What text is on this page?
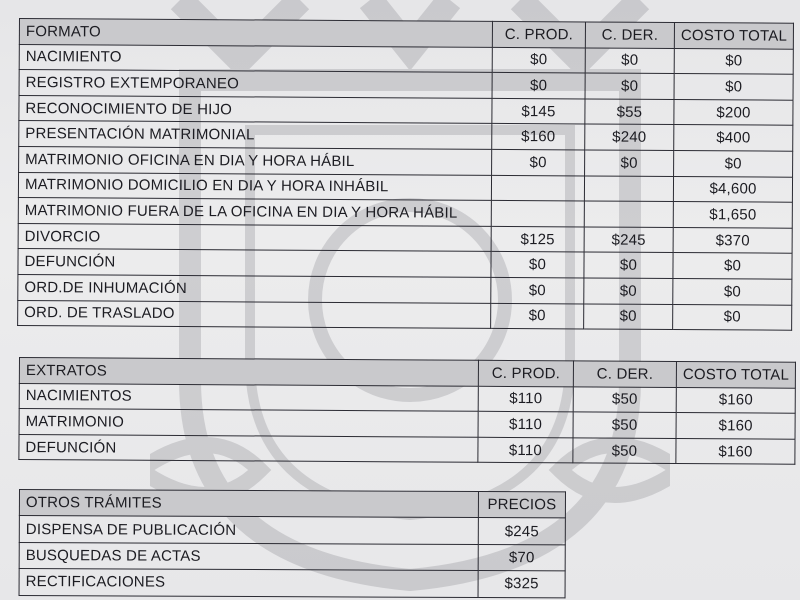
FORMATO	C. PROD.	C. DER.	COSTO TOTAL
NACIMIENTO	$0	$0	$0
REGISTRO EXTEMPORANEO	$0	$0	$0
RECONOCIMIENTO DE HIJO	$145	$55	$200
PRESENTACIÓN MATRIMONIAL	$160	$240	$400
MATRIMONIO OFICINA EN DIA Y HORA HÁBIL	$0	$0	$0
MATRIMONIO DOMICILIO EN DIA Y HORA INHÁBIL			$4,600
MATRIMONIO FUERA DE LA OFICINA EN DIA Y HORA HÁBIL			$1,650
DIVORCIO	$125	$245	$370
DEFUNCIÓN	$0	$0	$0
ORD.DE INHUMACIÓN	$0	$0	$0
ORD. DE TRASLADO	$0	$0	$0
EXTRATOS	C. PROD.	C. DER.	COSTO TOTAL
NACIMIENTOS	$110	$50	$160
MATRIMONIO	$110	$50	$160
DEFUNCIÓN	$110	$50	$160
OTROS TRÁMITES	PRECIOS
DISPENSA DE PUBLICACIÓN	$245
BUSQUEDAS DE ACTAS	$70
RECTIFICACIONES	$325
